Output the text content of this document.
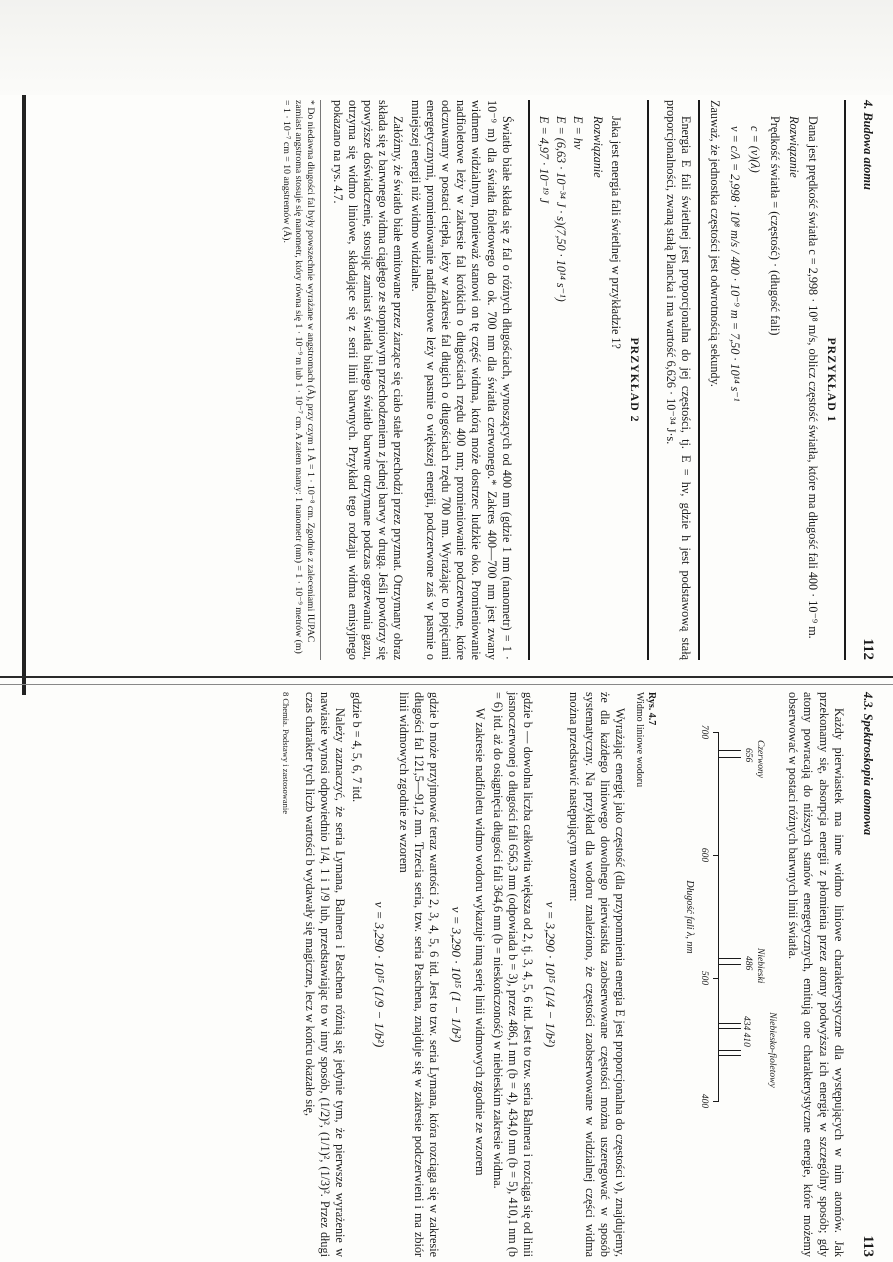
4. Budowa atomu
112
PRZYKŁAD 1

Dana jest prędkość światła c = 2,998 · 10⁸ m/s, oblicz częstość światła, które ma długość fali 400 · 10⁻⁹ m.

Rozwiązanie

Prędkość światła = (częstość) · (długość fali)

c = (ν)(λ)
ν = c/λ = 2,998 · 10⁸ m/s / 400 · 10⁻⁹ m = 7,50 · 10¹⁴ s⁻¹

Zauważ, że jednostka częstości jest odwrotnością sekundy.

Energia E fali świetlnej jest proporcjonalna do jej częstości, tj. E = hν, gdzie h jest podstawową stałą proporcjonalności, zwaną stałą Plancka i ma wartość 6,626 · 10⁻³⁴ J·s.

PRZYKŁAD 2

Jaka jest energia fali świetlnej w przykładzie 1?

Rozwiązanie
E = hν
E = (6,63 · 10⁻³⁴ J · s)(7,50 · 10¹⁴ s⁻¹)
E = 4,97 · 10⁻¹⁹ J

Światło białe składa się z fal o różnych długościach, wynoszących od 400 nm (gdzie 1 nm (nanometr) = 1 · 10⁻⁹ m) dla światła fioletowego do ok. 700 nm dla światła czerwonego.* Zakres 400—700 nm jest zwany widmem widzialnym, ponieważ stanowi on tę część widma, którą może dostrzec ludzkie oko. Promieniowanie nadfioletowe leży w zakresie fal krótkich o długościach rzędu 400 nm; promieniowanie podczerwone, które odczuwamy w postaci ciepła, leży w zakresie fal długich o długościach rzędu 700 nm. Wyrażając to pojęciami energetycznymi, promieniowanie nadfioletowe leży w pasmie o większej energii, podczerwone zaś w pasmie o mniejszej energii niż widmo widzialne.

Załóżmy, że światło białe emitowane przez żarzące się ciało stałe przechodzi przez pryzmat. Otrzymany obraz składa się z barwnego widma ciągłego ze stopniowym przechodzeniem z jednej barwy w drugą. Jeśli powtórzy się powyższe doświadczenie, stosując zamiast światła białego światło barwne otrzymane podczas ogrzewania gazu, otrzyma się widmo liniowe, składające się z serii linii barwnych. Przykład tego rodzaju widma emisyjnego pokazano na rys. 4.7.

* Do niedawna długości fal były powszechnie wyrażane w angstromach (Å), przy czym 1 Å = 1 · 10⁻⁸ cm. Zgodnie z zaleceniami IUPAC zamiast angstroma stosuje się nanometr, który równa się 1 · 10⁻⁹ m lub 1 · 10⁻⁷ cm. A zatem mamy: 1 nanometr (nm) = 1 · 10⁻⁹ metrów (m) = 1 · 10⁻⁷ cm = 10 angstremów (Å).
4.3. Spektroskopia atomowa
113

Każdy pierwiastek ma inne widmo liniowe charakterystyczne dla występujących w nim atomów. Jak przekonamy się, absorpcja energii z płomienia przez atomy podwyższa ich energię w szczególny sposób; gdy atomy powracają do niższych stanów energetycznych, emitują one charakterystyczne energie, które możemy obserwować w postaci różnych barwnych linii światła.

Czerwony
656
Niebieski
486
Niebiesko-fioletowy
434 410
700
600
500
400
Długość fali λ, nm
Rys. 4.7
Widmo liniowe wodoru

Wyrażając energię jako częstość (dla przypomnienia energia E jest proporcjonalna do częstości ν), znajdujemy, że dla każdego liniowego dowolnego pierwiastka zaobserwowane częstości można uszeregować w sposób systematyczny. Na przykład dla wodoru znaleziono, że częstości zaobserwowane w widzialnej części widma można przedstawić następującym wzorem:

ν = 3,290 · 10¹⁵ (1/4 − 1/b²)

gdzie b — dowolna liczba całkowita większa od 2, tj. 3, 4, 5, 6 itd. Jest to tzw. seria Balmera i rozciąga się od linii jasnoczerwonej o długości fali 656,3 nm (odpowiada b = 3), przez 486,1 nm (b = 4), 434,0 nm (b = 5), 410,1 nm (b = 6) itd. aż do osiągnięcia długości fali 364,6 nm (b = nieskończoność) w niebieskim zakresie widma.

W zakresie nadfioletu widmo wodoru wykazuje inną serię linii widmowych zgodnie ze wzorem

ν = 3,290 · 10¹⁵ (1 − 1/b²)

gdzie b może przyjmować teraz wartości 2, 3, 4, 5, 6 itd. Jest to tzw. seria Lymana, która rozciąga się w zakresie długości fal 121,5—91,2 nm. Trzecia seria, tzw. seria Paschena, znajduje się w zakresie podczerwieni i ma zbiór linii widmowych zgodnie ze wzorem

ν = 3,290 · 10¹⁵ (1/9 − 1/b²)

gdzie b = 4, 5, 6, 7 itd.

Należy zaznaczyć, że seria Lymana, Balmera i Paschena różnią się jedynie tym, że pierwsze wyrażenie w nawiasie wynosi odpowiednio 1/4, 1 i 1/9 lub, przedstawiając to w inny sposób, (1/2)², (1/1)², (1/3)². Przez długi czas charakter tych liczb wartości b wydawały się magiczne, lecz w końcu okazało się,

8 Chemia. Podstawy i zastosowanie
